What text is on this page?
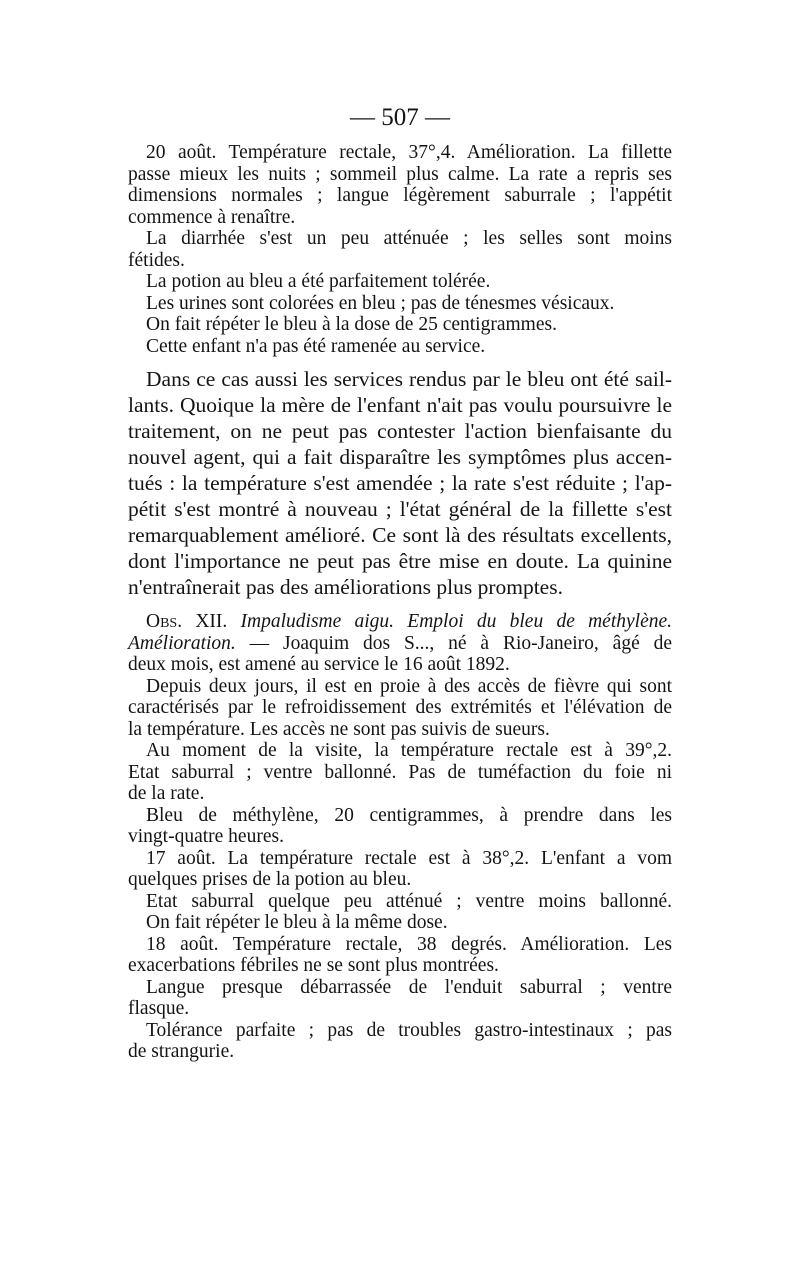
— 507 —
20 août. Température rectale, 37°,4. Amélioration. La fillette
passe mieux les nuits ; sommeil plus calme. La rate a repris ses
dimensions normales ; langue légèrement saburrale ; l'appétit
commence à renaître.
La diarrhée s'est un peu atténuée ; les selles sont moins
fétides.
La potion au bleu a été parfaitement tolérée.
Les urines sont colorées en bleu ; pas de ténesmes vésicaux.
On fait répéter le bleu à la dose de 25 centigrammes.
Cette enfant n'a pas été ramenée au service.
Dans ce cas aussi les services rendus par le bleu ont été sail-
lants. Quoique la mère de l'enfant n'ait pas voulu poursuivre le
traitement, on ne peut pas contester l'action bienfaisante du
nouvel agent, qui a fait disparaître les symptômes plus accen-
tués : la température s'est amendée ; la rate s'est réduite ; l'ap-
pétit s'est montré à nouveau ; l'état général de la fillette s'est
remarquablement amélioré. Ce sont là des résultats excellents,
dont l'importance ne peut pas être mise en doute. La quinine
n'entraînerait pas des améliorations plus promptes.
Obs. XII. Impaludisme aigu. Emploi du bleu de méthylène.
Amélioration. — Joaquim dos S..., né à Rio-Janeiro, âgé de
deux mois, est amené au service le 16 août 1892.
Depuis deux jours, il est en proie à des accès de fièvre qui sont
caractérisés par le refroidissement des extrémités et l'élévation de
la température. Les accès ne sont pas suivis de sueurs.
Au moment de la visite, la température rectale est à 39°,2.
Etat saburral ; ventre ballonné. Pas de tuméfaction du foie ni
de la rate.
Bleu de méthylène, 20 centigrammes, à prendre dans les
vingt-quatre heures.
17 août. La température rectale est à 38°,2. L'enfant a vom
quelques prises de la potion au bleu.
Etat saburral quelque peu atténué ; ventre moins ballonné.
On fait répéter le bleu à la même dose.
18 août. Température rectale, 38 degrés. Amélioration. Les
exacerbations fébriles ne se sont plus montrées.
Langue presque débarrassée de l'enduit saburral ; ventre
flasque.
Tolérance parfaite ; pas de troubles gastro-intestinaux ; pas
de strangurie.
